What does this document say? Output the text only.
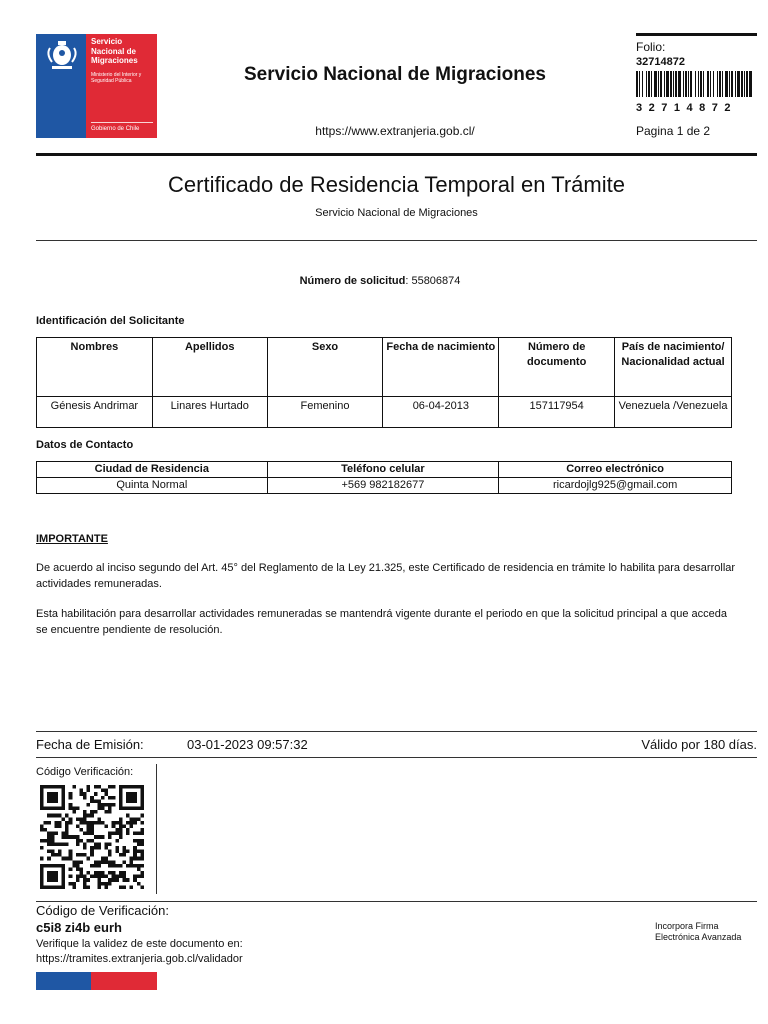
Servicio
Nacional de
Migraciones
Ministerio del Interior y Seguridad Pública
Gobierno de Chile
Servicio Nacional de Migraciones
https://www.extranjeria.gob.cl/
Folio:
32714872
32714872
Pagina 1 de 2
Certificado de Residencia Temporal en Trámite
Servicio Nacional de Migraciones
Número de solicitud: 55806874
Identificación del Solicitante
Nombres	Apellidos	Sexo	Fecha de nacimiento	Número de documento	País de nacimiento/ Nacionalidad actual
Génesis Andrimar	Linares Hurtado	Femenino	06-04-2013	157117954	Venezuela /Venezuela
Datos de Contacto
Ciudad de Residencia	Teléfono celular	Correo electrónico
Quinta Normal	+569 982182677	ricardojlg925@gmail.com
IMPORTANTE
De acuerdo al inciso segundo del Art. 45° del Reglamento de la Ley 21.325, este Certificado de residencia en trámite lo habilita para desarrollar actividades remuneradas.
Esta habilitación para desarrollar actividades remuneradas se mantendrá vigente durante el periodo en que la solicitud principal a que acceda se encuentre pendiente de resolución.
Fecha de Emisión:	03-01-2023 09:57:32	Válido por 180 días.
Código Verificación:
Código de Verificación:
c5i8 zi4b eurh
Verifique la validez de este documento en:
https://tramites.extranjeria.gob.cl/validador
Incorpora Firma
Electrónica Avanzada
